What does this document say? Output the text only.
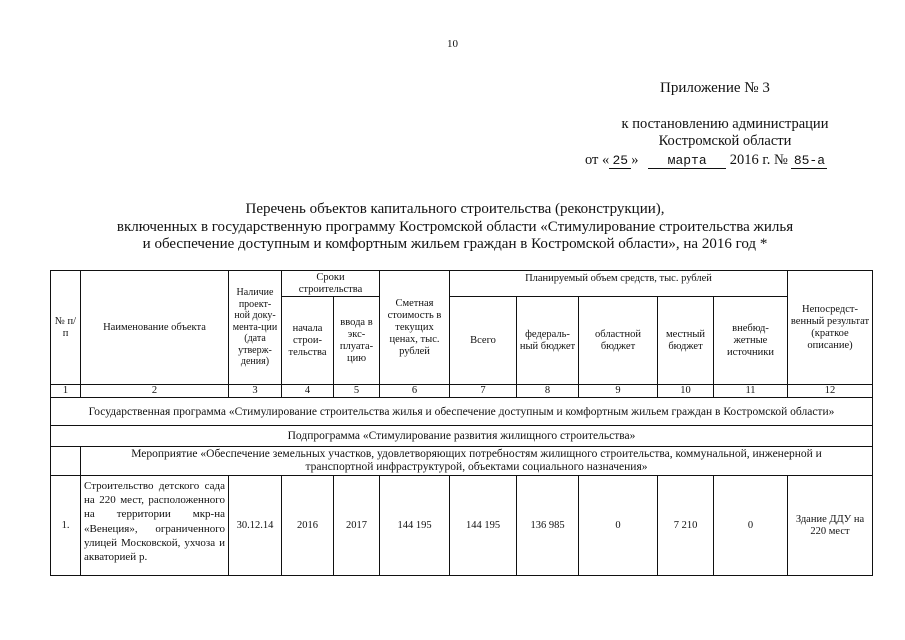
10
Приложение № 3
к постановлению администрации
Костромской области
от « 25 » марта 2016 г. № 85-а
Перечень объектов капитального строительства (реконструкции),
включенных в государственную программу Костромской области «Стимулирование строительства жилья
и обеспечение доступным и комфортным жильем граждан в Костромской области», на 2016 год *
№ п/п	Наименование объекта	Наличие проект-ной доку-мента-ции (дата утверж-дения)	Сроки строительства		Сметная стоимость в текущих ценах, тыс. рублей	Планируемый объем средств, тыс. рублей					Непосредст-венный результат (краткое описание)
			начала строи-тельства	ввода в экс-плуата-цию		Всего	федераль-ный бюджет	областной бюджет	местный бюджет	внебюд-жетные источники	
1	2	3	4	5	6	7	8	9	10	11	12
Государственная программа «Стимулирование строительства жилья и обеспечение доступным и комфортным жильем граждан в Костромской области»											
Подпрограмма «Стимулирование развития жилищного строительства»											
	Мероприятие «Обеспечение земельных участков, удовлетворяющих потребностям жилищного строительства, коммунальной, инженерной и транспортной инфраструктурой, объектами социального назначения»										
1.	Строительство детского сада на 220 мест, расположенного на территории мкр-на «Венеция», ограниченного улицей Московской, ухчоза и акваторией р.	30.12.14	2016	2017	144 195	144 195	136 985	0	7 210	0	Здание ДДУ на 220 мест
